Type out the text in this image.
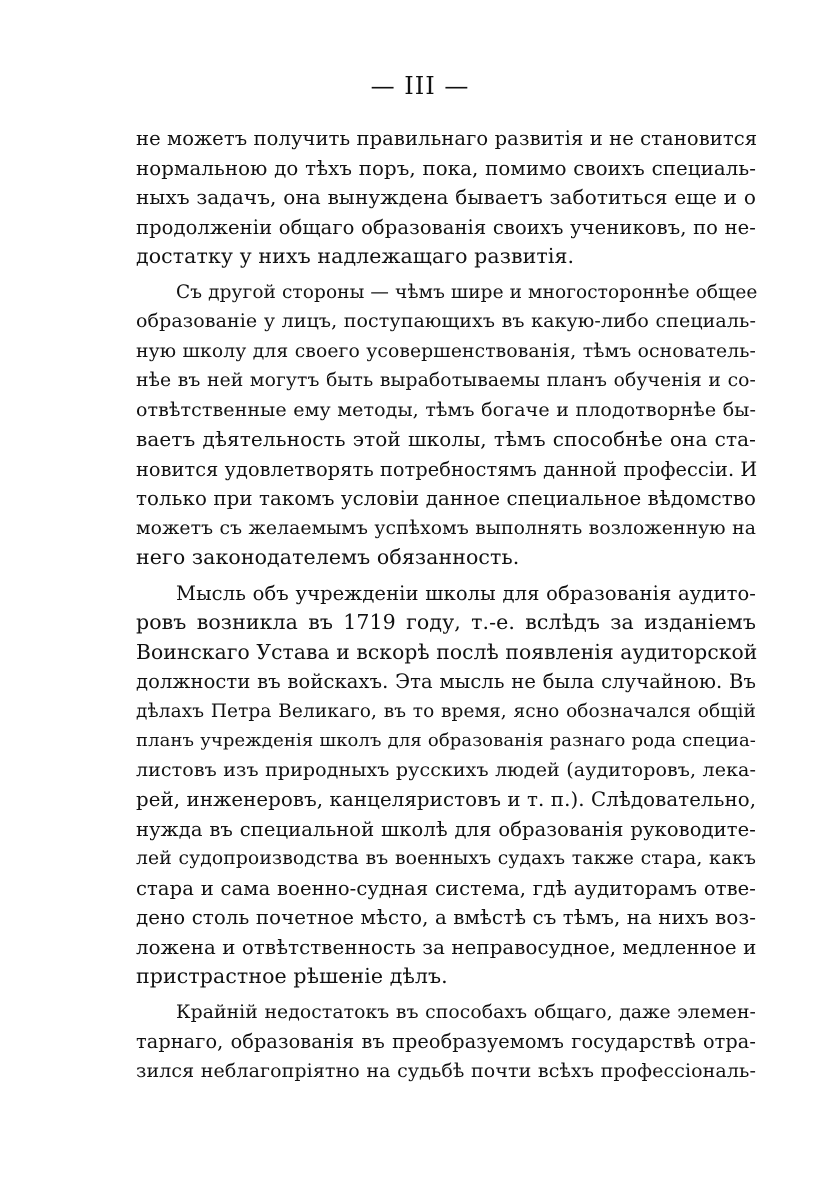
— III —
не можетъ получить правильнаго развитія и не становится
нормальною до тѣхъ поръ, пока, помимо своихъ специаль-
ныхъ задачъ, она вынуждена бываетъ заботиться еще и о
продолженіи общаго образованія своихъ учениковъ, по не-
достатку у нихъ надлежащаго развитія.
Съ другой стороны — чѣмъ шире и многостороннѣе общее
образованіе у лицъ, поступающихъ въ какую-либо специаль-
ную школу для своего усовершенствованія, тѣмъ основатель-
нѣе въ ней могутъ быть выработываемы планъ обученія и со-
отвѣтственные ему методы, тѣмъ богаче и плодотворнѣе бы-
ваетъ дѣятельность этой школы, тѣмъ способнѣе она ста-
новится удовлетворять потребностямъ данной профессіи. И
только при такомъ условіи данное специальное вѣдомство
можетъ съ желаемымъ успѣхомъ выполнять возложенную на
него законодателемъ обязанность.
Мысль объ учрежденіи школы для образованія аудито-
ровъ возникла въ 1719 году, т.-е. вслѣдъ за изданіемъ
Воинскаго Устава и вскорѣ послѣ появленія аудиторской
должности въ войскахъ. Эта мысль не была случайною. Въ
дѣлахъ Петра Великаго, въ то время, ясно обозначался общій
планъ учрежденія школъ для образованія разнаго рода специа-
листовъ изъ природныхъ русскихъ людей (аудиторовъ, лека-
рей, инженеровъ, канцеляристовъ и т. п.). Слѣдовательно,
нужда въ специальной школѣ для образованія руководите-
лей судопроизводства въ военныхъ судахъ также стара, какъ
стара и сама военно-судная система, гдѣ аудиторамъ отве-
дено столь почетное мѣсто, а вмѣстѣ съ тѣмъ, на нихъ воз-
ложена и отвѣтственность за неправосудное, медленное и
пристрастное рѣшеніе дѣлъ.
Крайній недостатокъ въ способахъ общаго, даже элемен-
тарнаго, образованія въ преобразуемомъ государствѣ отра-
зился неблагопріятно на судьбѣ почти всѣхъ профессіональ-
